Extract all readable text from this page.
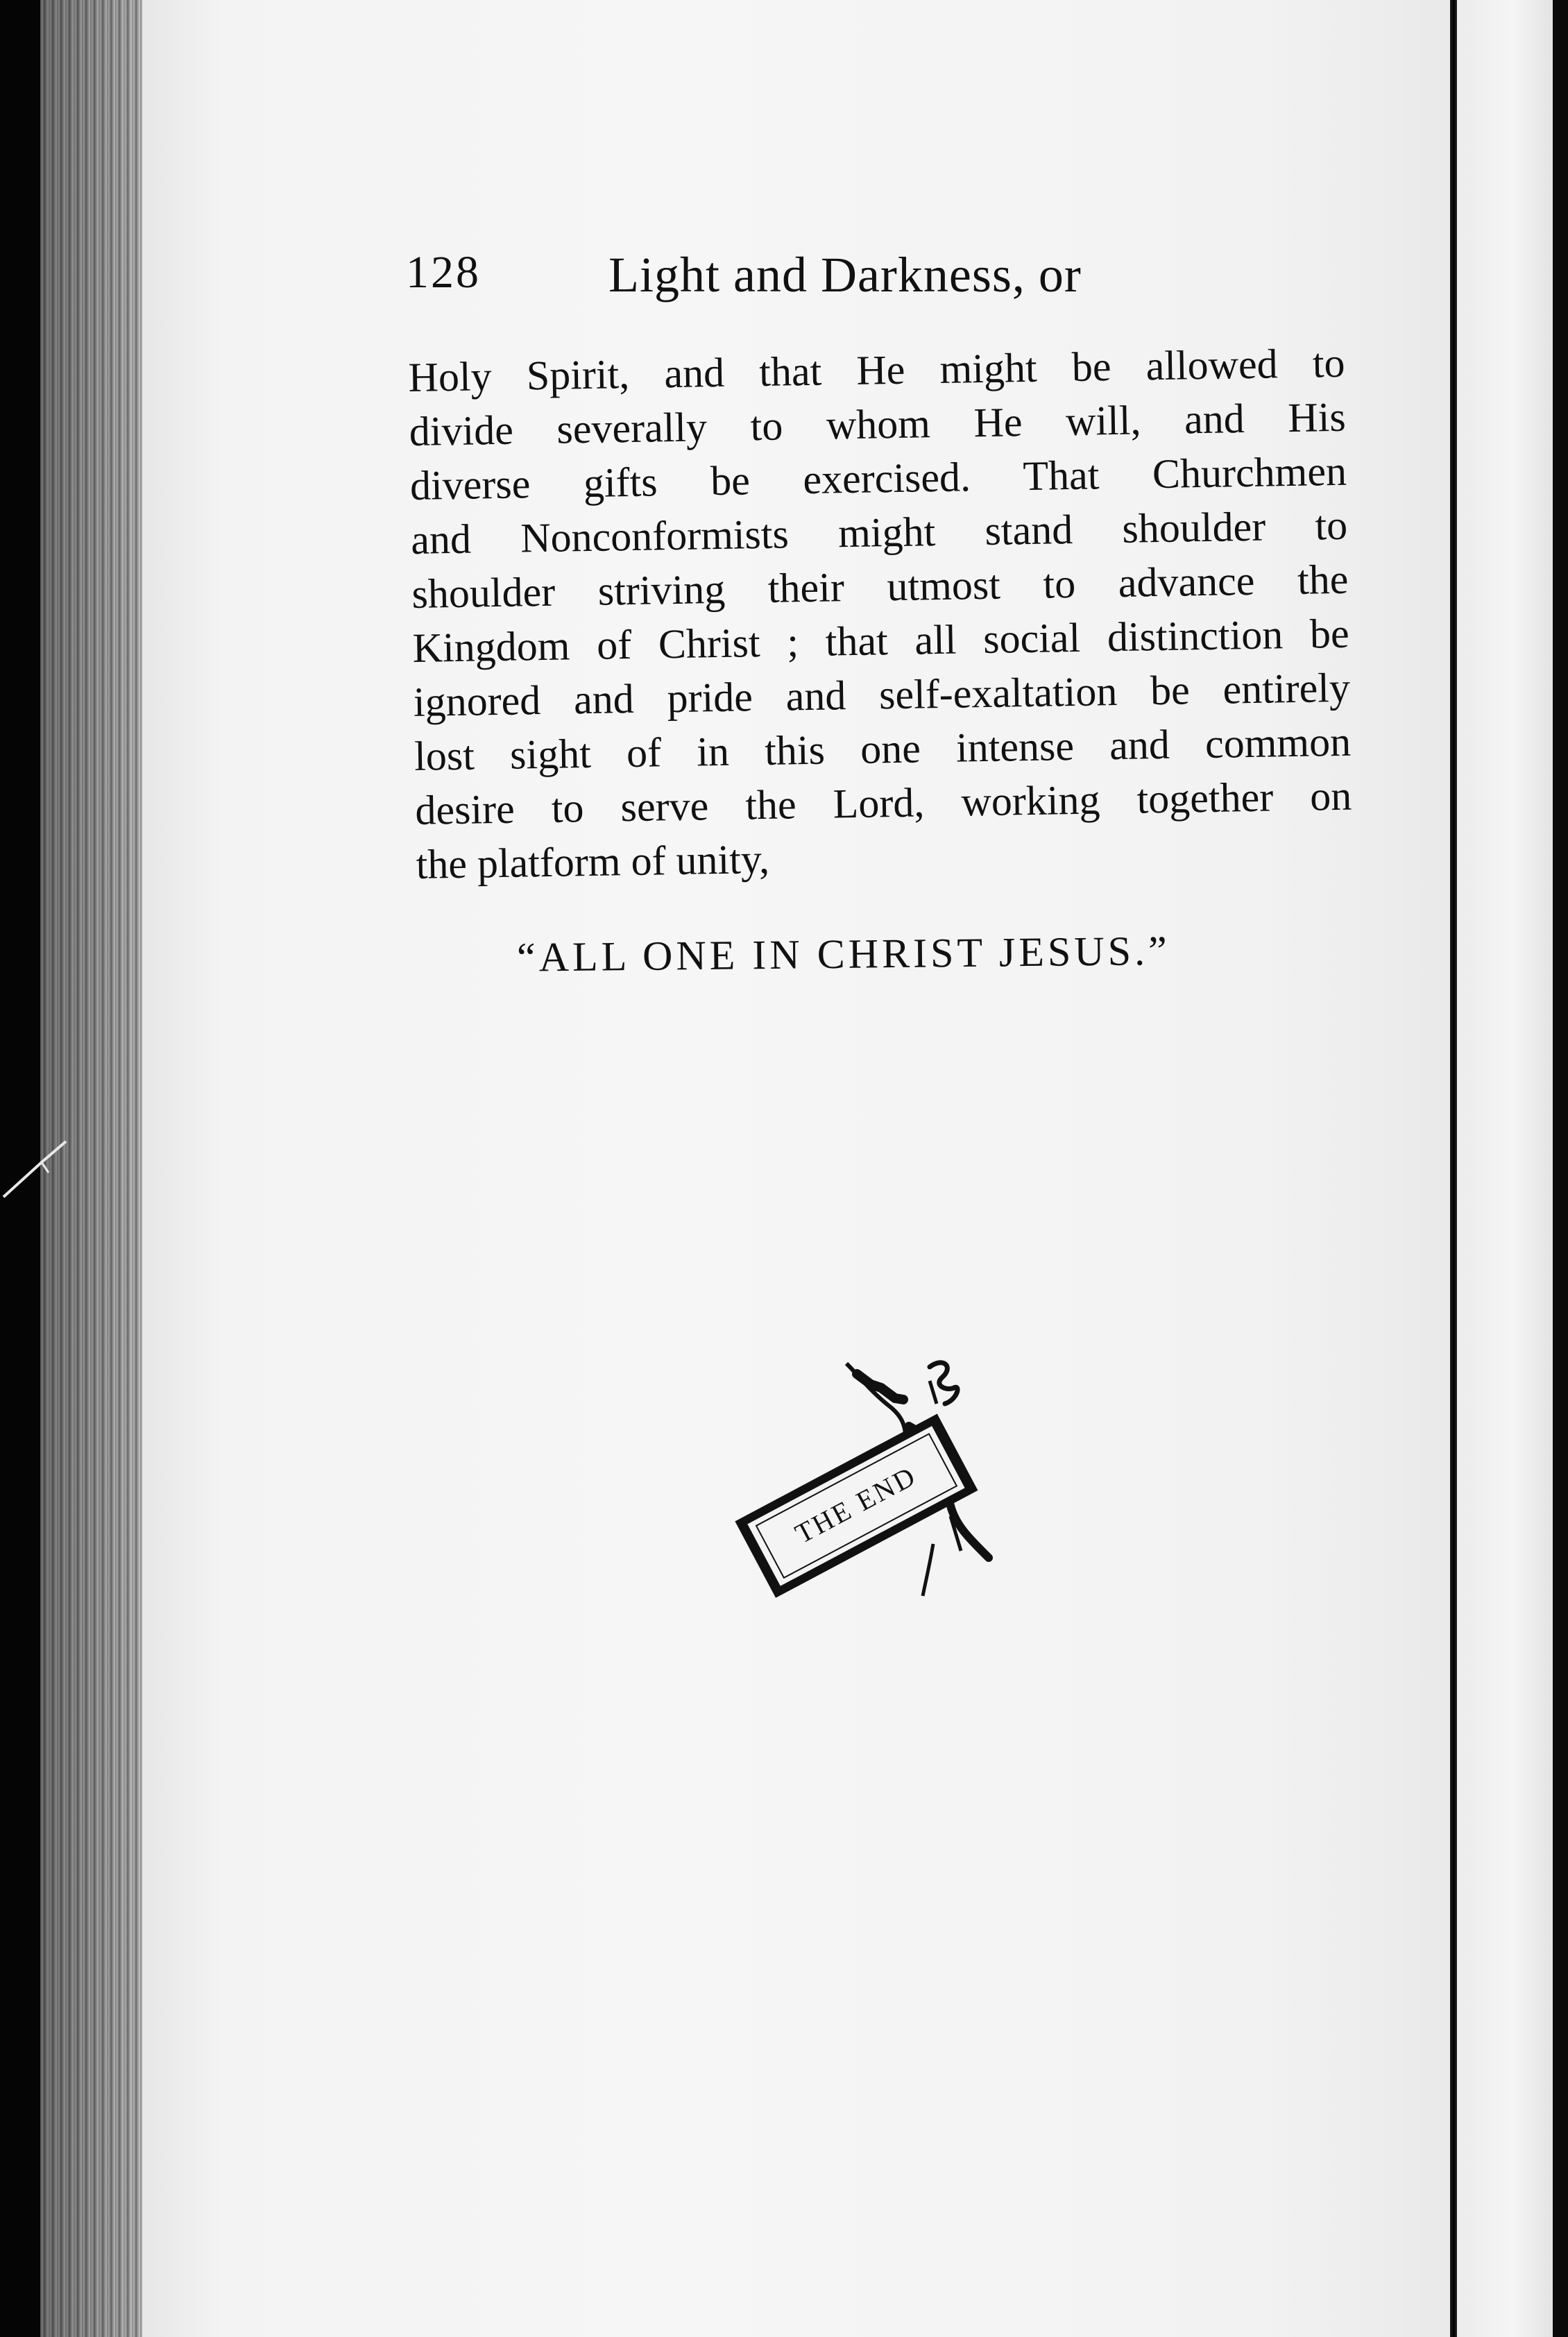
128	Light and Darkness, or
Holy Spirit, and that He might be allowed to
divide severally to whom He will, and His
diverse gifts be exercised. That Churchmen
and Nonconformists might stand shoulder to
shoulder striving their utmost to advance the
Kingdom of Christ ; that all social distinction be
ignored and pride and self-exaltation be entirely
lost sight of in this one intense and common
desire to serve the Lord, working together on
the platform of unity,
“ALL ONE IN CHRIST JESUS.”
THE END
